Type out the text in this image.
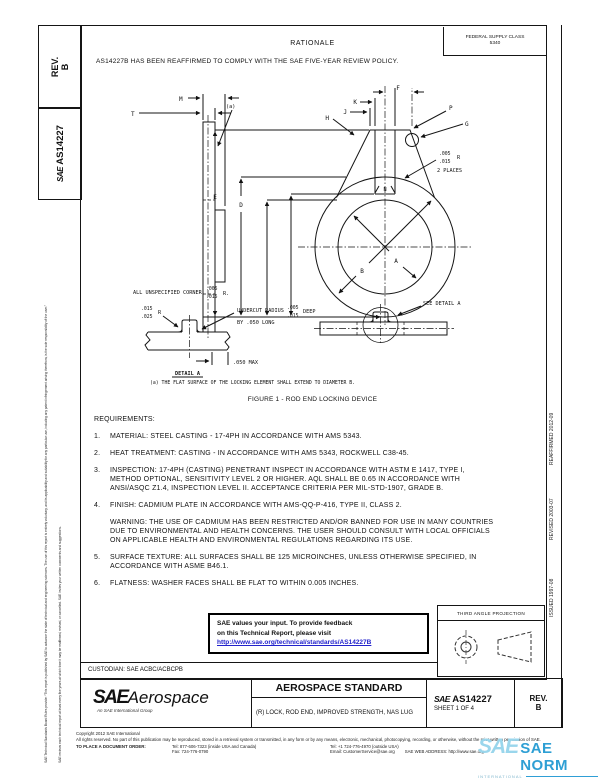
REV. B
SAE AS14227
SAE Technical Standards Board Rules provide: “This report is published by SAE to advance the state of technical and engineering sciences. The use of this report is entirely voluntary, and its applicability and suitability for any particular use, including any patent infringement arising therefrom, is the sole responsibility of the user.”	SAE reviews each technical report at least every five years at which time it may be reaffirmed, revised, or cancelled. SAE invites your written comments and suggestions.
REAFFIRMED 2012-09
REVISED 2003-07
ISSUED 1997-08
FEDERAL SUPPLY CLASS
5340
RATIONALE
AS14227B HAS BEEN REAFFIRMED TO COMPLY WITH THE SAE FIVE-YEAR REVIEW POLICY.
T
M
(a)
F
K
J
H
P
G
.005
.015
R
2 PLACES
E
D
B
A
N
ALL UNSPECIFIED CORNER
.005
.015
R.
.015
.025
R	UNDERCUT RADIUS .005
.015
DEEP
BY .050 LONG
.050 MAX
DETAIL A
SEE DETAIL A
(a) THE FLAT SURFACE OF THE LOCKING ELEMENT SHALL EXTEND TO DIAMETER B.
FIGURE 1 - ROD END LOCKING DEVICE
REQUIREMENTS:
1.	MATERIAL: STEEL CASTING - 17-4PH IN ACCORDANCE WITH AMS 5343.
2.	HEAT TREATMENT: CASTING - IN ACCORDANCE WITH AMS 5343, ROCKWELL C38-45.
3.	INSPECTION: 17-4PH (CASTING) PENETRANT INSPECT IN ACCORDANCE WITH ASTM E 1417, TYPE I, METHOD OPTIONAL, SENSITIVITY LEVEL 2 OR HIGHER. AQL SHALL BE 0.65 IN ACCORDANCE WITH ANSI/ASQC Z1.4, INSPECTION LEVEL II. ACCEPTANCE CRITERIA PER MIL-STD-1907, GRADE B.
4.	FINISH: CADMIUM PLATE IN ACCORDANCE WITH AMS-QQ-P-416, TYPE II, CLASS 2.
WARNING: THE USE OF CADMIUM HAS BEEN RESTRICTED AND/OR BANNED FOR USE IN MANY COUNTRIES DUE TO ENVIRONMENTAL AND HEALTH CONCERNS. THE USER SHOULD CONSULT WITH LOCAL OFFICIALS ON APPLICABLE HEALTH AND ENVIRONMENTAL REGULATIONS REGARDING ITS USE.
5.	SURFACE TEXTURE: ALL SURFACES SHALL BE 125 MICROINCHES, UNLESS OTHERWISE SPECIFIED, IN ACCORDANCE WITH ASME B46.1.
6.	FLATNESS: WASHER FACES SHALL BE FLAT TO WITHIN 0.005 INCHES.
SAE values your input. To provide feedback
on this Technical Report, please visit
http://www.sae.org/technical/standards/AS14227B
THIRD ANGLE PROJECTION
CUSTODIAN: SAE ACBC/ACBCPB
SAEAerospace
An SAE International Group
AEROSPACE STANDARD
(R) LOCK, ROD END, IMPROVED STRENGTH, NAS LUG
SAE AS14227
SHEET 1 OF 4
REV.
B
Copyright 2012 SAE International
All rights reserved. No part of this publication may be reproduced, stored in a retrieval system or transmitted, in any form or by any means, electronic, mechanical, photocopying, recording, or otherwise, without the prior written permission of SAE.
TO PLACE A DOCUMENT ORDER:	Tel: 877-606-7323 (inside USA and Canada)	Tel: +1 724-776-4970 (outside USA)
Fax: 724-776-0790	Email: CustomerService@sae.org SAE WEB ADDRESS: http://www.sae.org
SAE SAE NORM
INTERNATIONAL
